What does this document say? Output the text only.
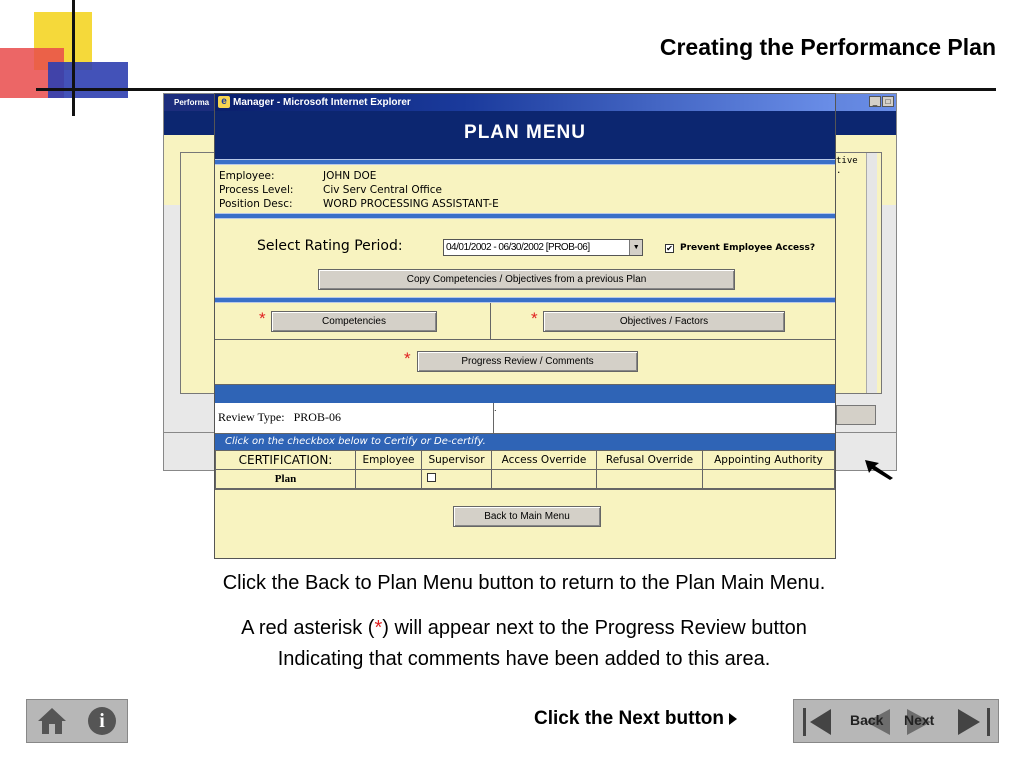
Creating the Performance Plan
Performa	_	□
tive
.
e Manager - Microsoft Internet Explorer
PLAN MENU
Employee:	JOHN DOE
Process Level:	Civ Serv Central Office
Position Desc:	WORD PROCESSING ASSISTANT-E
Select Rating Period:	04/01/2002 - 06/30/2002 [PROB-06]	▼	✔ Prevent Employee Access?
Copy Competencies / Objectives from a previous Plan
*	Competencies	*	Objectives / Factors
*	Progress Review / Comments
Review Type: PROB-06
.
Click on the checkbox below to Certify or De-certify.
CERTIFICATION:	Employee	Supervisor	Access Override	Refusal Override	Appointing Authority
Plan					
Back to Main Menu
Click the Back to Plan Menu button to return to the Plan Main Menu.
A red asterisk (*) will appear next to the Progress Review button
Indicating that comments have been added to this area.
i	Click the Next button	Back Next
